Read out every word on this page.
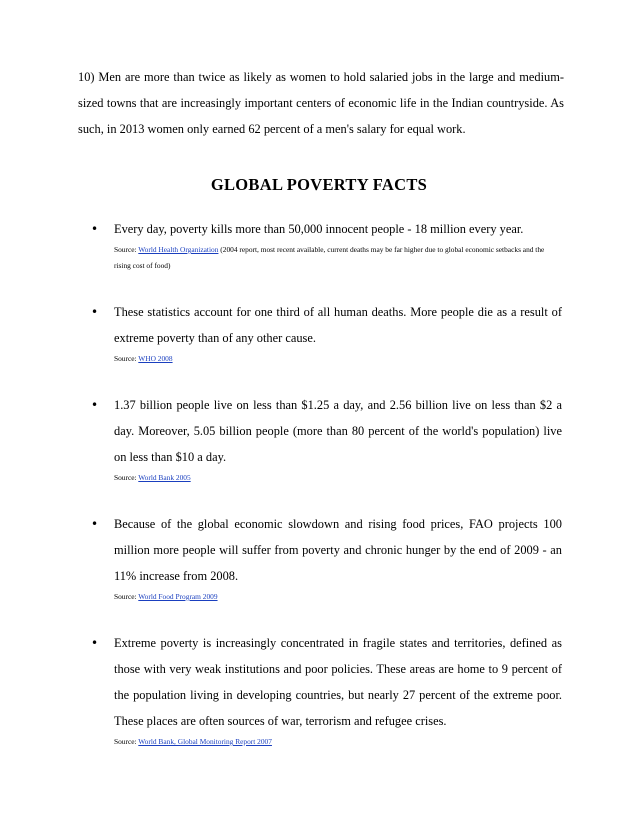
10) Men are more than twice as likely as women to hold salaried jobs in the large and medium-sized towns that are increasingly important centers of economic life in the Indian countryside. As such, in 2013 women only earned 62 percent of a men's salary for equal work.

GLOBAL POVERTY FACTS
• Every day, poverty kills more than 50,000 innocent people - 18 million every year.
Source: World Health Organization (2004 report, most recent available, current deaths may be far higher due to global economic setbacks and the rising cost of food)
• These statistics account for one third of all human deaths. More people die as a result of extreme poverty than of any other cause.
Source: WHO 2008
• 1.37 billion people live on less than $1.25 a day, and 2.56 billion live on less than $2 a day. Moreover, 5.05 billion people (more than 80 percent of the world's population) live on less than $10 a day.
Source: World Bank 2005
• Because of the global economic slowdown and rising food prices, FAO projects 100 million more people will suffer from poverty and chronic hunger by the end of 2009 - an 11% increase from 2008.
Source: World Food Program 2009
• Extreme poverty is increasingly concentrated in fragile states and territories, defined as those with very weak institutions and poor policies. These areas are home to 9 percent of the population living in developing countries, but nearly 27 percent of the extreme poor. These places are often sources of war, terrorism and refugee crises.
Source: World Bank, Global Monitoring Report 2007
